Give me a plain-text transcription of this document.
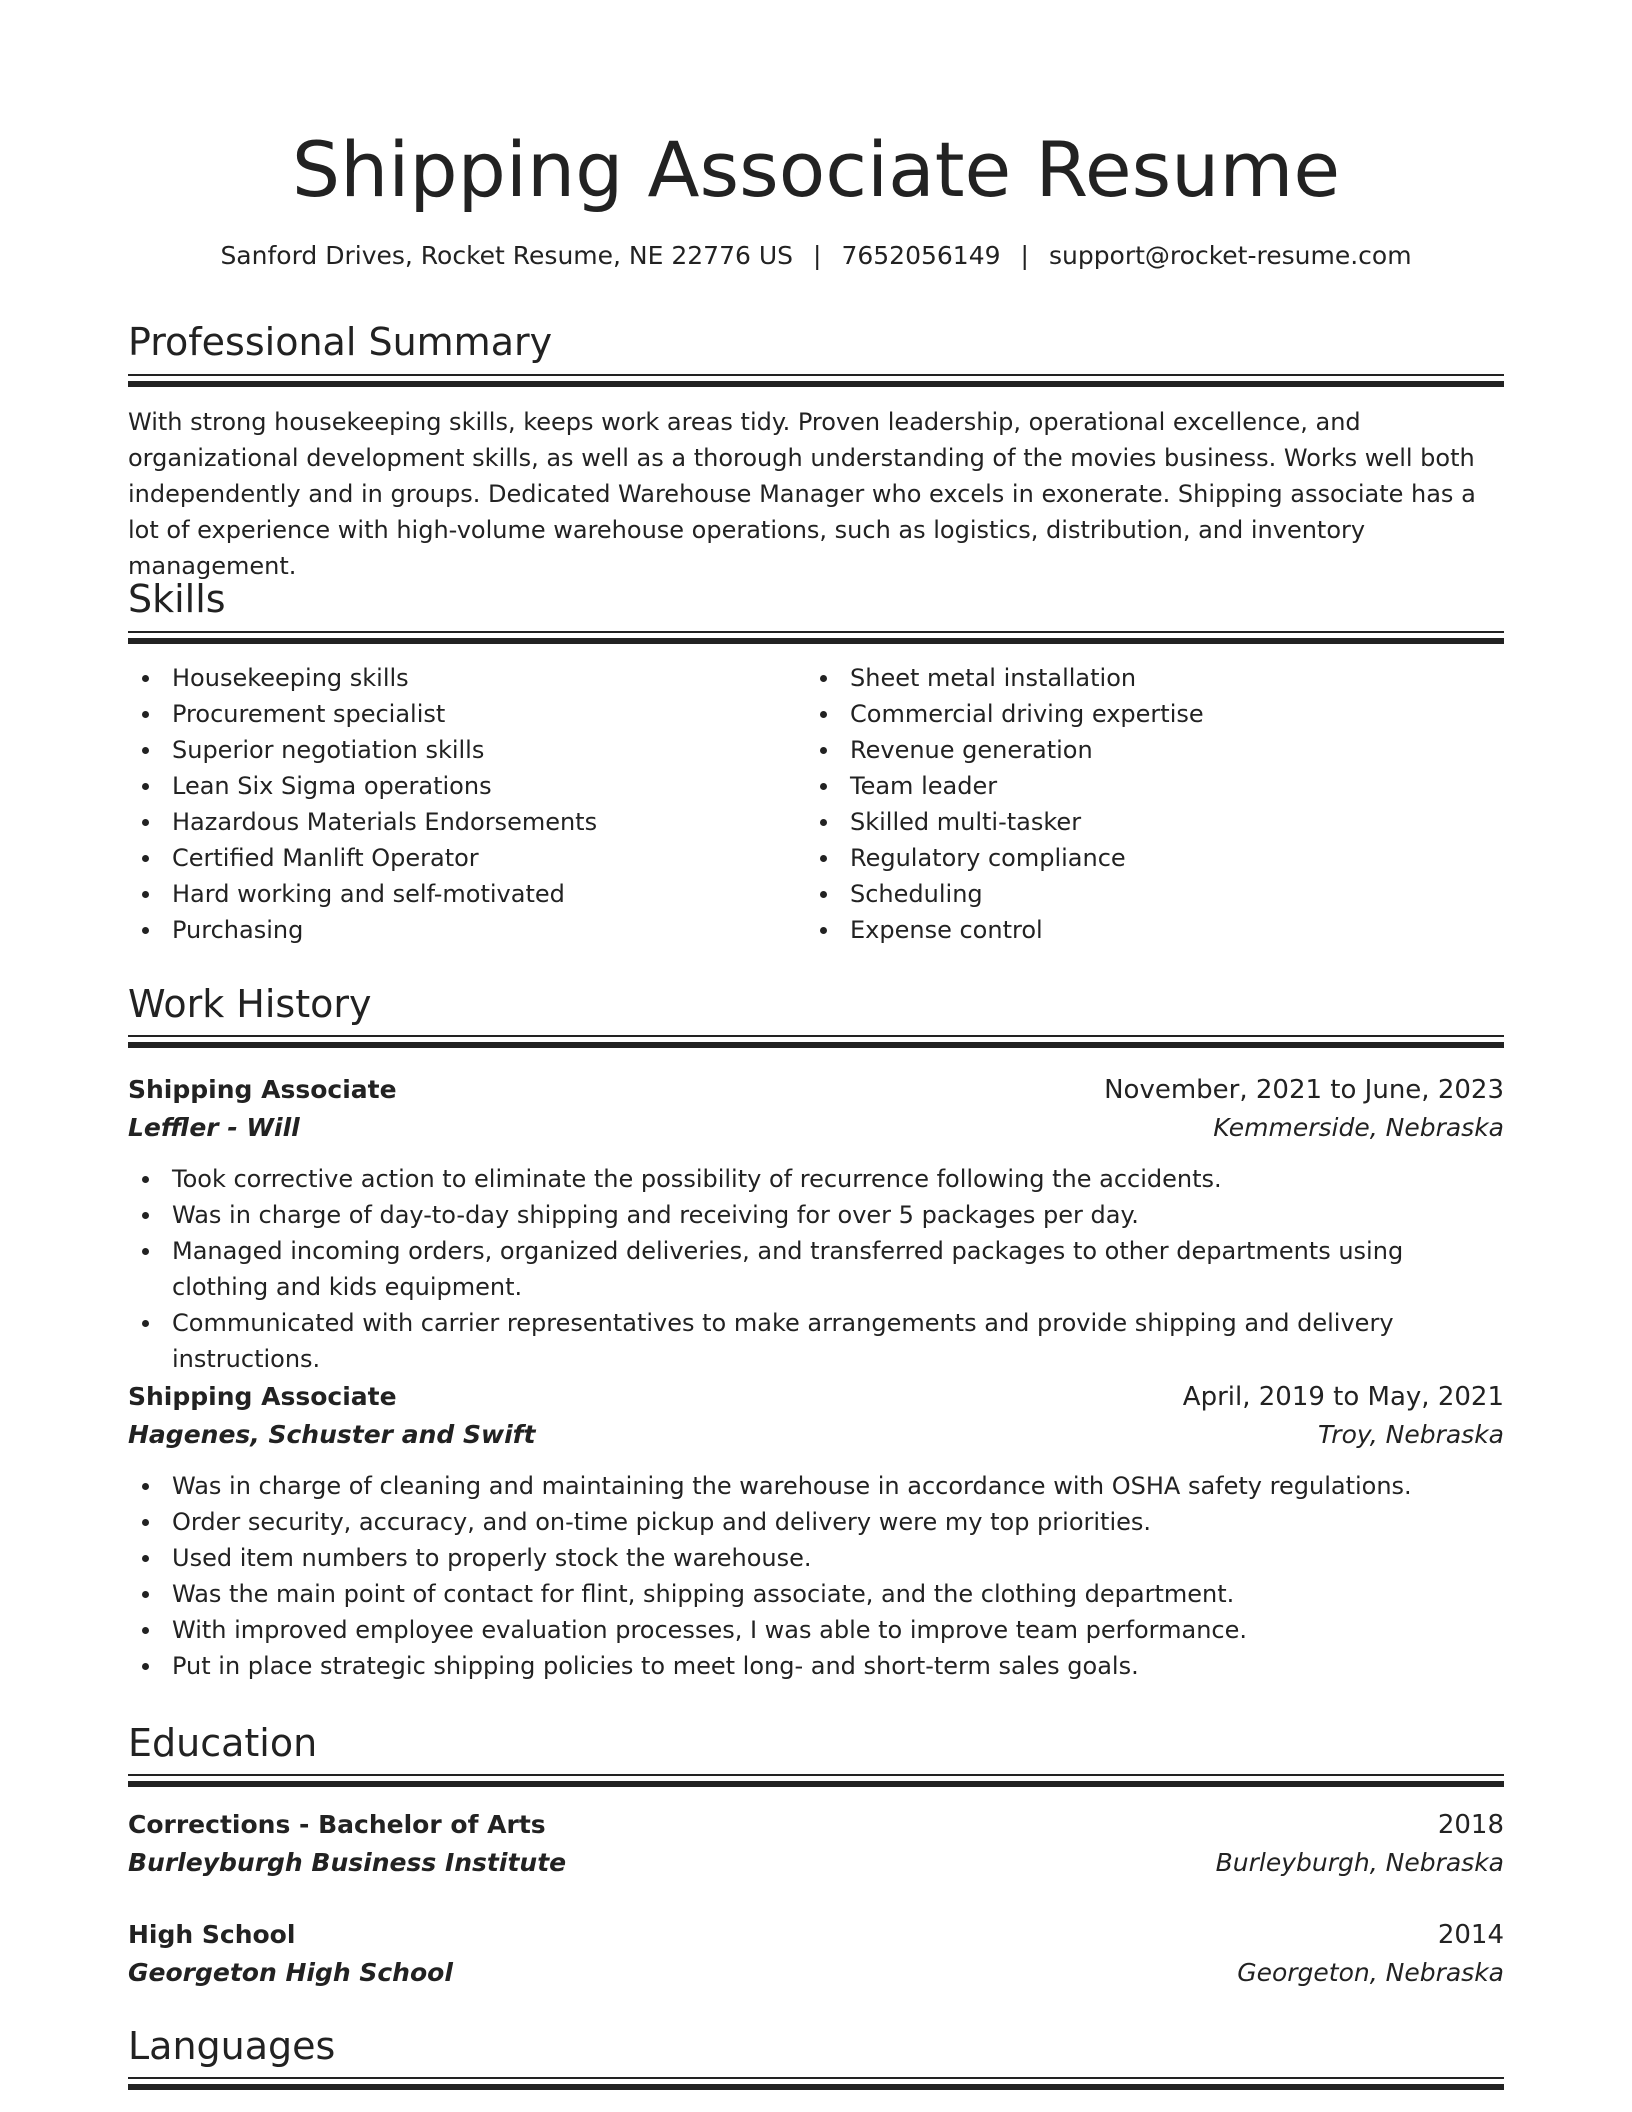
Shipping Associate Resume
Sanford Drives, Rocket Resume, NE 22776 US | 7652056149 | support@rocket-resume.com
Professional Summary

With strong housekeeping skills, keeps work areas tidy. Proven leadership, operational excellence, and organizational development skills, as well as a thorough understanding of the movies business. Works well both independently and in groups. Dedicated Warehouse Manager who excels in exonerate. Shipping associate has a lot of experience with high-volume warehouse operations, such as logistics, distribution, and inventory management.

Skills
Housekeeping skills
Procurement specialist
Superior negotiation skills
Lean Six Sigma operations
Hazardous Materials Endorsements
Certified Manlift Operator
Hard working and self-motivated
Purchasing
Sheet metal installation
Commercial driving expertise
Revenue generation
Team leader
Skilled multi-tasker
Regulatory compliance
Scheduling
Expense control
Work History
Shipping Associate	November, 2021 to June, 2023
Leffler - Will	Kemmerside, Nebraska
Took corrective action to eliminate the possibility of recurrence following the accidents.
Was in charge of day-to-day shipping and receiving for over 5 packages per day.
Managed incoming orders, organized deliveries, and transferred packages to other departments using clothing and kids equipment.
Communicated with carrier representatives to make arrangements and provide shipping and delivery instructions.
Shipping Associate	April, 2019 to May, 2021
Hagenes, Schuster and Swift	Troy, Nebraska
Was in charge of cleaning and maintaining the warehouse in accordance with OSHA safety regulations.
Order security, accuracy, and on-time pickup and delivery were my top priorities.
Used item numbers to properly stock the warehouse.
Was the main point of contact for flint, shipping associate, and the clothing department.
With improved employee evaluation processes, I was able to improve team performance.
Put in place strategic shipping policies to meet long- and short-term sales goals.
Education
Corrections - Bachelor of Arts	2018
Burleyburgh Business Institute	Burleyburgh, Nebraska
High School	2014
Georgeton High School	Georgeton, Nebraska
Languages
